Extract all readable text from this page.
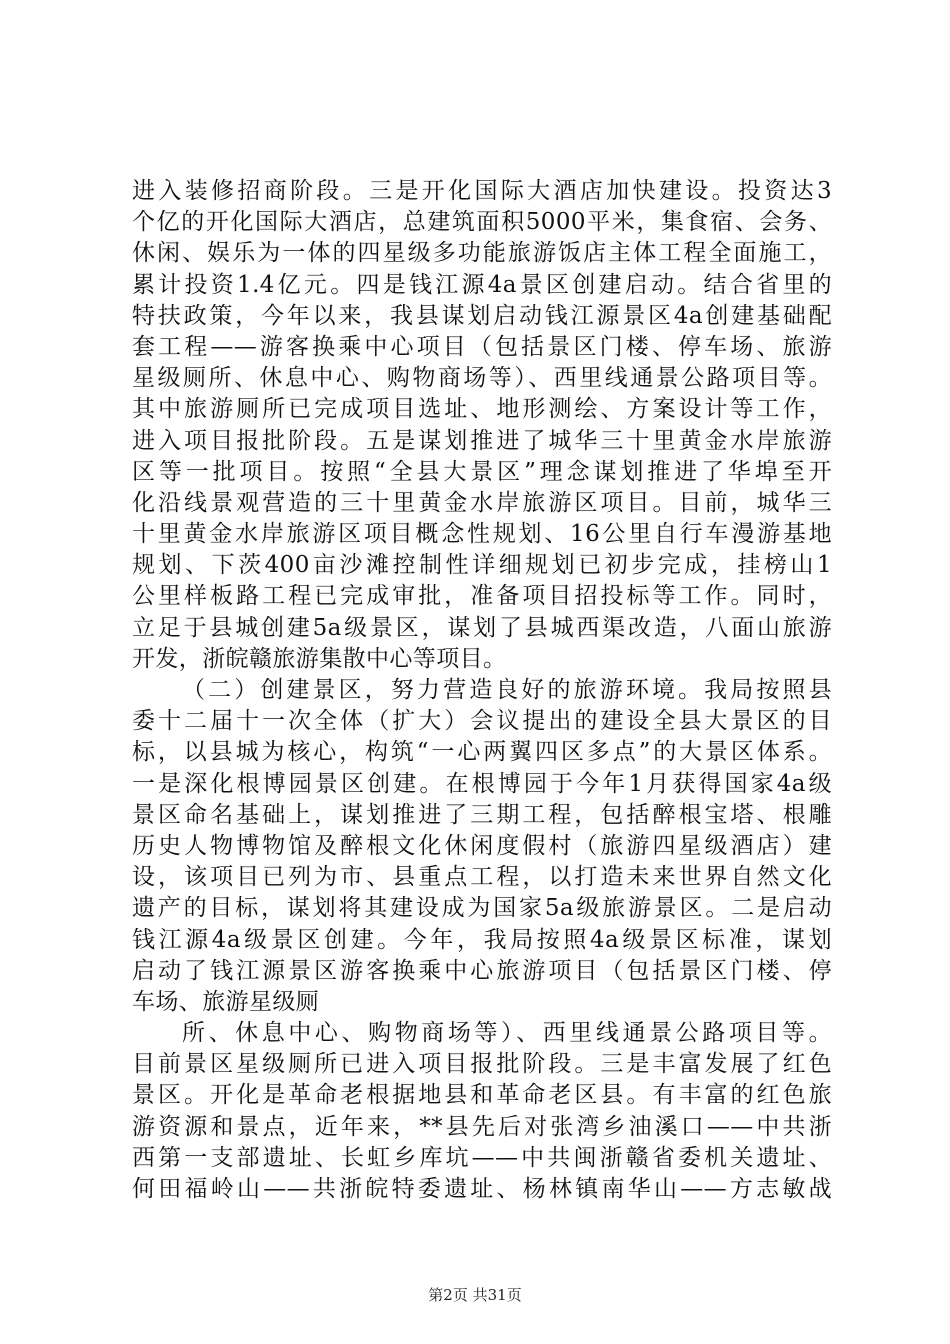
进入装修招商阶段。三是开化国际大酒店加快建设。投资达3
个亿的开化国际大酒店，总建筑面积5000平米，集食宿、会务、
休闲、娱乐为一体的四星级多功能旅游饭店主体工程全面施工，
累计投资1.4亿元。四是钱江源4a景区创建启动。结合省里的
特扶政策，今年以来，我县谋划启动钱江源景区4a创建基础配
套工程——游客换乘中心项目（包括景区门楼、停车场、旅游
星级厕所、休息中心、购物商场等）、西里线通景公路项目等。
其中旅游厕所已完成项目选址、地形测绘、方案设计等工作，
进入项目报批阶段。五是谋划推进了城华三十里黄金水岸旅游
区等一批项目。按照“全县大景区”理念谋划推进了华埠至开
化沿线景观营造的三十里黄金水岸旅游区项目。目前，城华三
十里黄金水岸旅游区项目概念性规划、16公里自行车漫游基地
规划、下茨400亩沙滩控制性详细规划已初步完成，挂榜山1
公里样板路工程已完成审批，准备项目招投标等工作。同时，
立足于县城创建5a级景区，谋划了县城西渠改造，八面山旅游
开发，浙皖赣旅游集散中心等项目。
（二）创建景区，努力营造良好的旅游环境。我局按照县
委十二届十一次全体（扩大）会议提出的建设全县大景区的目
标，以县城为核心，构筑“一心两翼四区多点”的大景区体系。
一是深化根博园景区创建。在根博园于今年1月获得国家4a级
景区命名基础上，谋划推进了三期工程，包括醉根宝塔、根雕
历史人物博物馆及醉根文化休闲度假村（旅游四星级酒店）建
设，该项目已列为市、县重点工程，以打造未来世界自然文化
遗产的目标，谋划将其建设成为国家5a级旅游景区。二是启动
钱江源4a级景区创建。今年，我局按照4a级景区标准，谋划
启动了钱江源景区游客换乘中心旅游项目（包括景区门楼、停
车场、旅游星级厕
所、休息中心、购物商场等）、西里线通景公路项目等。
目前景区星级厕所已进入项目报批阶段。三是丰富发展了红色
景区。开化是革命老根据地县和革命老区县。有丰富的红色旅
游资源和景点，近年来，**县先后对张湾乡油溪口——中共浙
西第一支部遗址、长虹乡库坑——中共闽浙赣省委机关遗址、
何田福岭山——共浙皖特委遗址、杨林镇南华山——方志敏战
第2页 共31页
